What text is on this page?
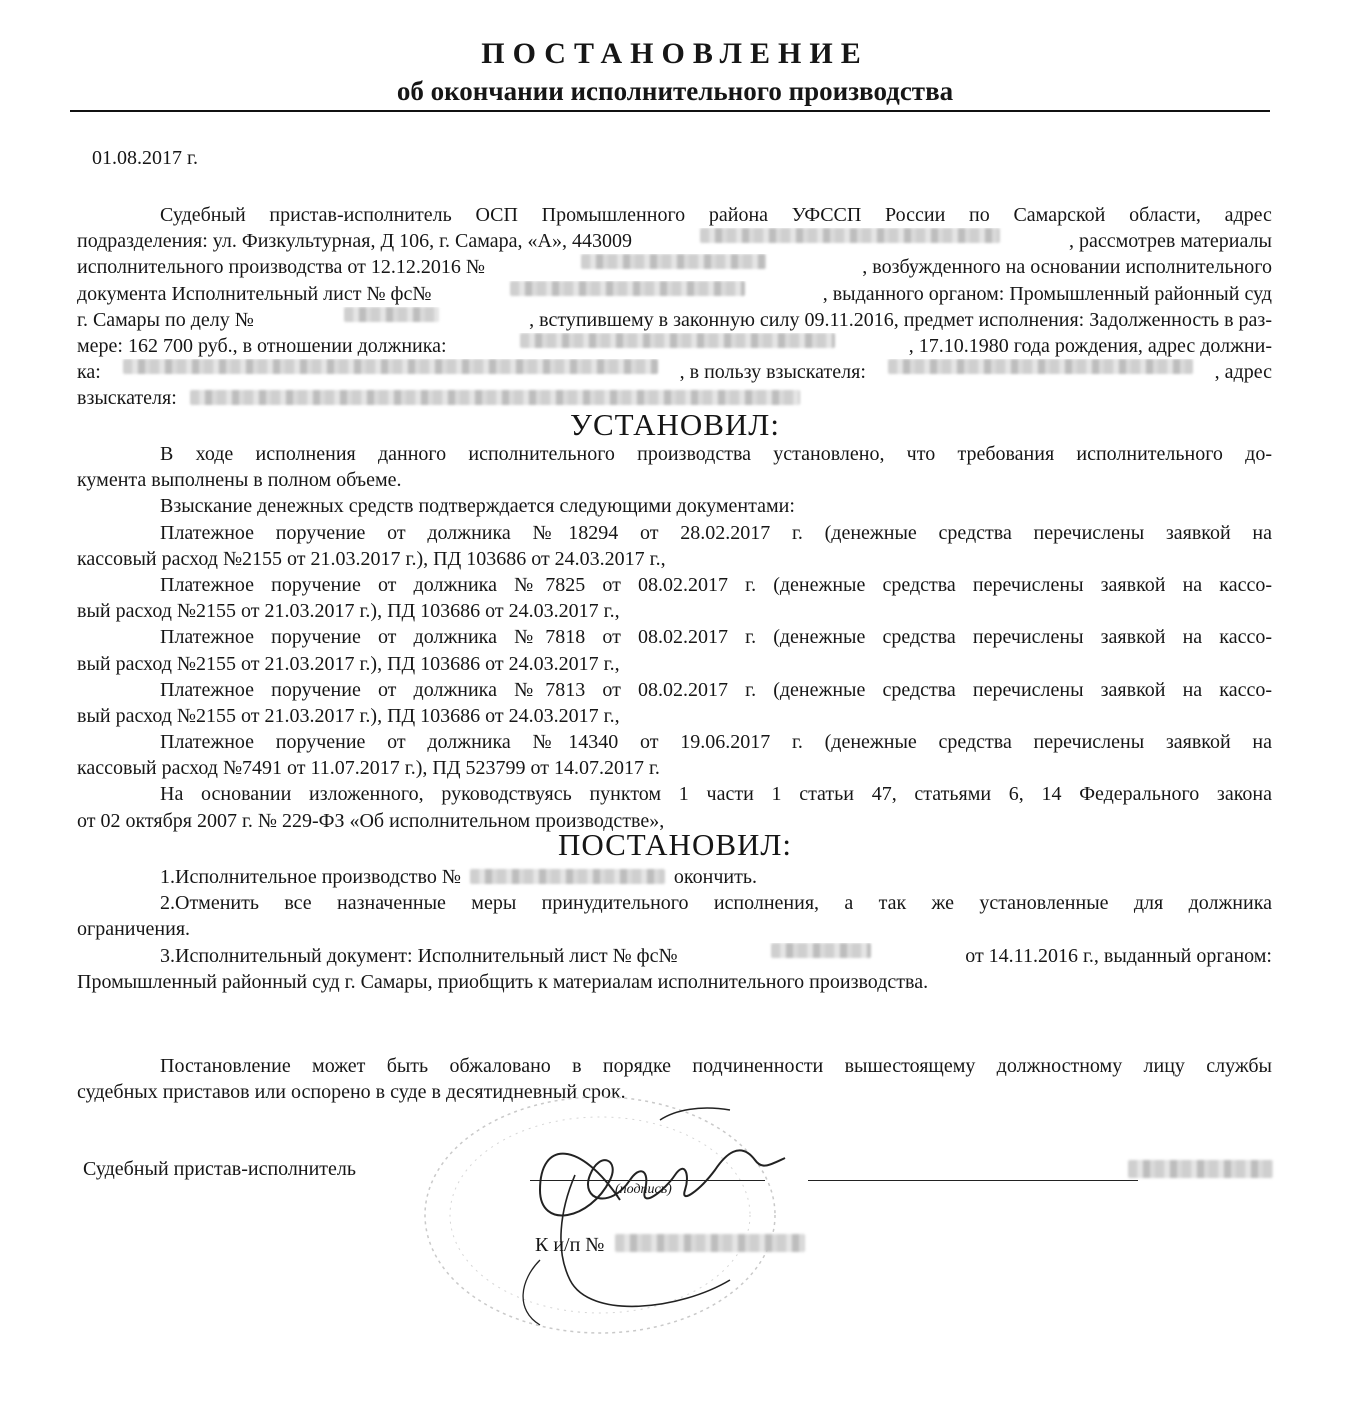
ПОСТАНОВЛЕНИЕ
об окончании исполнительного производства
01.08.2017 г.
Судебный пристав-исполнитель ОСП Промышленного района УФССП России по Самарской области, адрес
подразделения: ул. Физкультурная, Д 106, г. Самара, «А», 443009	, рассмотрев материалы
исполнительного производства от 12.12.2016 №	, возбужденного на основании исполнительного
документа Исполнительный лист № фс№	, выданного органом: Промышленный районный суд
г. Самары по делу №	, вступившему в законную силу 09.11.2016, предмет исполнения: Задолженность в раз-
мере: 162 700 руб., в отношении должника:	, 17.10.1980 года рождения, адрес должни-
ка:	, в пользу взыскателя:	, адрес
взыскателя:
УСТАНОВИЛ:
В ходе исполнения данного исполнительного производства установлено, что требования исполнительного до-
кумента выполнены в полном объеме.
Взыскание денежных средств подтверждается следующими документами:
Платежное поручение от должника №18294 от 28.02.2017 г. (денежные средства перечислены заявкой на
кассовый расход №2155 от 21.03.2017 г.), ПД 103686 от 24.03.2017 г.,
Платежное поручение от должника №7825 от 08.02.2017 г. (денежные средства перечислены заявкой на кассо-
вый расход №2155 от 21.03.2017 г.), ПД 103686 от 24.03.2017 г.,
Платежное поручение от должника №7818 от 08.02.2017 г. (денежные средства перечислены заявкой на кассо-
вый расход №2155 от 21.03.2017 г.), ПД 103686 от 24.03.2017 г.,
Платежное поручение от должника №7813 от 08.02.2017 г. (денежные средства перечислены заявкой на кассо-
вый расход №2155 от 21.03.2017 г.), ПД 103686 от 24.03.2017 г.,
Платежное поручение от должника №14340 от 19.06.2017 г. (денежные средства перечислены заявкой на
кассовый расход №7491 от 11.07.2017 г.), ПД 523799 от 14.07.2017 г.
На основании изложенного, руководствуясь пунктом 1 части 1 статьи 47, статьями 6, 14 Федерального закона
от 02 октября 2007 г. № 229-ФЗ «Об исполнительном производстве»,
ПОСТАНОВИЛ:
1.Исполнительное производство №	окончить.
2.Отменить все назначенные меры принудительного исполнения, а так же установленные для должника
ограничения.
3.Исполнительный документ: Исполнительный лист № фс№	от 14.11.2016 г., выданный органом:
Промышленный районный суд г. Самары, приобщить к материалам исполнительного производства.
Постановление может быть обжаловано в порядке подчиненности вышестоящему должностному лицу службы
судебных приставов или оспорено в суде в десятидневный срок.
Судебный пристав-исполнитель
(подпись)
К и/п №
